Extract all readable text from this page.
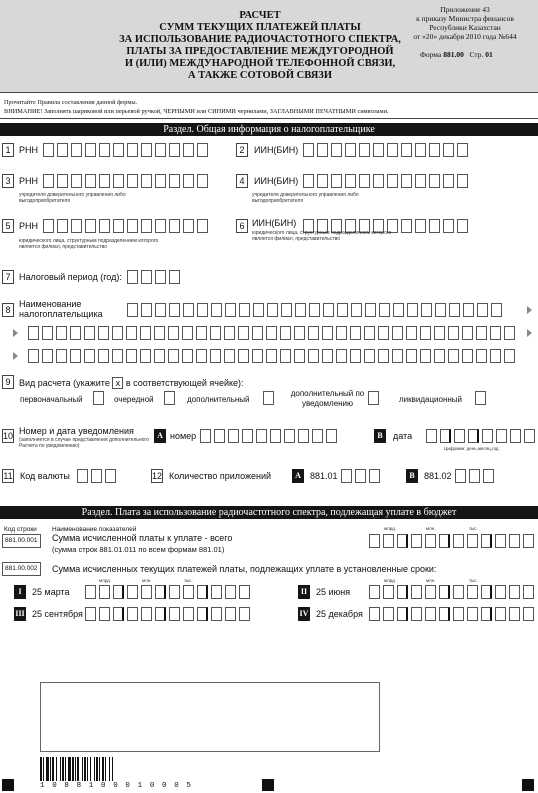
РАСЧЕТ
СУММ ТЕКУЩИХ ПЛАТЕЖЕЙ ПЛАТЫ
ЗА ИСПОЛЬЗОВАНИЕ РАДИОЧАСТОТНОГО СПЕКТРА,
ПЛАТЫ ЗА ПРЕДОСТАВЛЕНИЕ МЕЖДУГОРОДНОЙ
И (ИЛИ) МЕЖДУНАРОДНОЙ ТЕЛЕФОННОЙ СВЯЗИ,
А ТАКЖЕ СОТОВОЙ СВЯЗИ
Приложение 43
к приказу Министра финансов
Республики Казахстан
от «20» декабря 2010 года №644
Форма 881.00 Стр. 01
Прочитайте Правила составления данной формы.
ВНИМАНИЕ! Заполнять шариковой или перьевой ручкой, ЧЕРНЫМИ или СИНИМИ чернилами, ЗАГЛАВНЫМИ ПЕЧАТНЫМИ символами.
Раздел. Общая информация о налогоплательщике
1 РНН	2	ИИН(БИН)
3 РНН
учредителя доверительного управления либо выгодоприобретателя
4	ИИН(БИН)
учредителя доверительного управления либо выгодоприобретателя
5 РНН
юридического лица, структурным подразделением которого является филиал, представительство
6 ИИН(БИН)
юридического лица, структурным подразделением которого является филиал, представительство
7 Налоговый период (год):
8
Наименование
налогоплательщика
9 Вид расчета (укажите x в соответствующей ячейке):
первоначальный	очередной	дополнительный
дополнительный по уведомлению	ликвидационный
10 Номер и дата уведомления
(заполняется в случае представления дополнительного Расчета по уведомлению)
A номер	B	дата
Цифрами: день,месяц,год
11 Код валюты	12 Количество приложений	A	881.01	B	881.02
Раздел. Плата за использование радиочастотного спектра, подлежащая уплате в бюджет
Код строки Наименование показателей	млрд.	млн.	тыс.
881.00.001	Сумма исчисленной платы к уплате - всего
(сумма строк 881.01.011 по всем формам 881.01)
881.00.002	Сумма исчисленных текущих платежей платы, подлежащих уплате в установленные сроки:
млрд.	млн.	тыс.	млрд.	млн.	тыс.
I	25 марта	II 25 июня
III 25 сентября	IV 25 декабря
1 0 8 8 1 0 0 0 1 0 0 0 5
